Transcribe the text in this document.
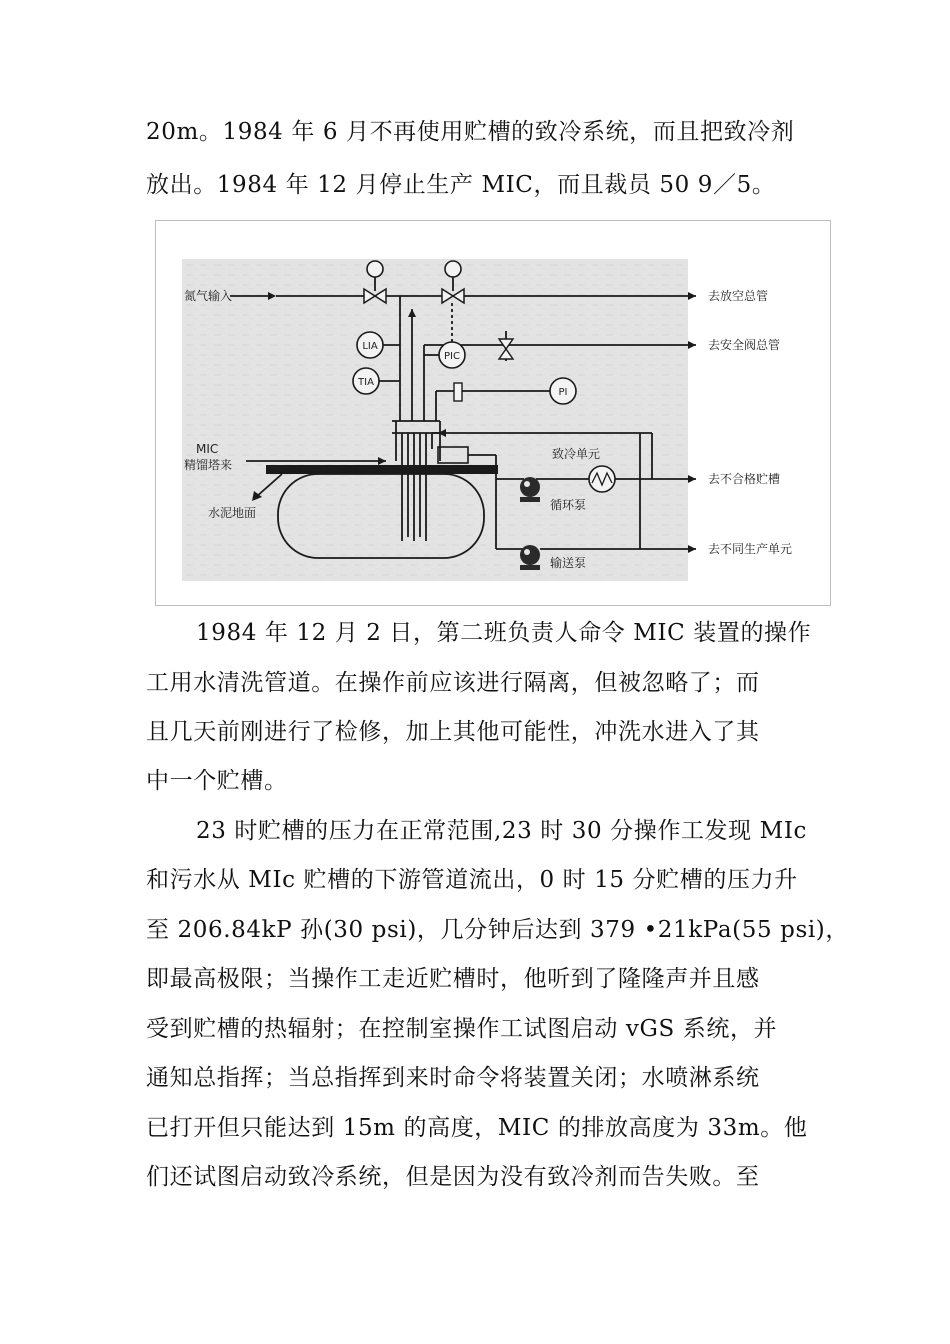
20m。1984 年 6 月不再使用贮槽的致冷系统，而且把致冷剂
放出。1984 年 12 月停止生产 MIC，而且裁员 50 9／5。
氮气输入	去放空总管
去安全阀总管
LIA
PIC
TIA
PI
MIC
精馏塔来
水泥地面
致冷单元
去不合格贮槽
循环泵
输送泵
去不同生产单元
1984 年 12 月 2 日，第二班负责人命令 MIC 装置的操作
工用水清洗管道。在操作前应该进行隔离，但被忽略了；而
且几天前刚进行了检修，加上其他可能性，冲洗水进入了其
中一个贮槽。
23 时贮槽的压力在正常范围,23 时 30 分操作工发现 MIc
和污水从 MIc 贮槽的下游管道流出，0 时 15 分贮槽的压力升
至 206.84kP 孙(30 psi)，几分钟后达到 379 •21kPa(55 psi)，
即最高极限；当操作工走近贮槽时，他听到了隆隆声并且感
受到贮槽的热辐射；在控制室操作工试图启动 vGS 系统，并
通知总指挥；当总指挥到来时命令将装置关闭；水喷淋系统
已打开但只能达到 15m 的高度，MIC 的排放高度为 33m。他
们还试图启动致冷系统，但是因为没有致冷剂而告失败。至
